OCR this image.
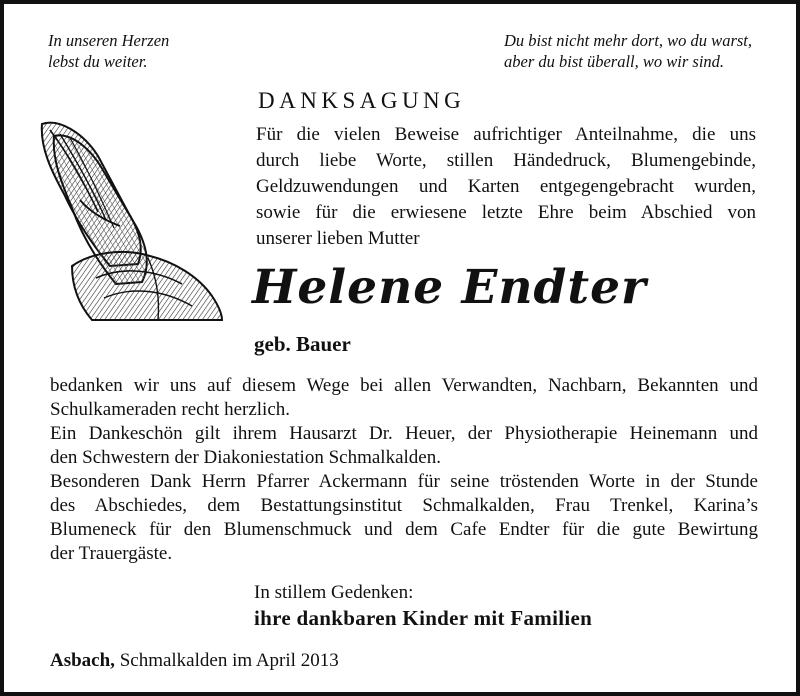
In unseren Herzen
lebst du weiter.
Du bist nicht mehr dort, wo du warst,
aber du bist überall, wo wir sind.
DANKSAGUNG
Für die vielen Beweise aufrichtiger Anteilnahme, die uns
durch liebe Worte, stillen Händedruck, Blumengebinde,
Geldzuwendungen und Karten entgegengebracht wurden,
sowie für die erwiesene letzte Ehre beim Abschied von
unserer lieben Mutter
Helene Endter
geb. Bauer
bedanken wir uns auf diesem Wege bei allen Verwandten, Nachbarn, Bekannten und
Schulkameraden recht herzlich.
Ein Dankeschön gilt ihrem Hausarzt Dr. Heuer, der Physiotherapie Heinemann und
den Schwestern der Diakoniestation Schmalkalden.
Besonderen Dank Herrn Pfarrer Ackermann für seine tröstenden Worte in der Stunde
des Abschiedes, dem Bestattungsinstitut Schmalkalden, Frau Trenkel, Karina’s
Blumeneck für den Blumenschmuck und dem Cafe Endter für die gute Bewirtung
der Trauergäste.
In stillem Gedenken:
ihre dankbaren Kinder mit Familien
Asbach, Schmalkalden im April 2013
